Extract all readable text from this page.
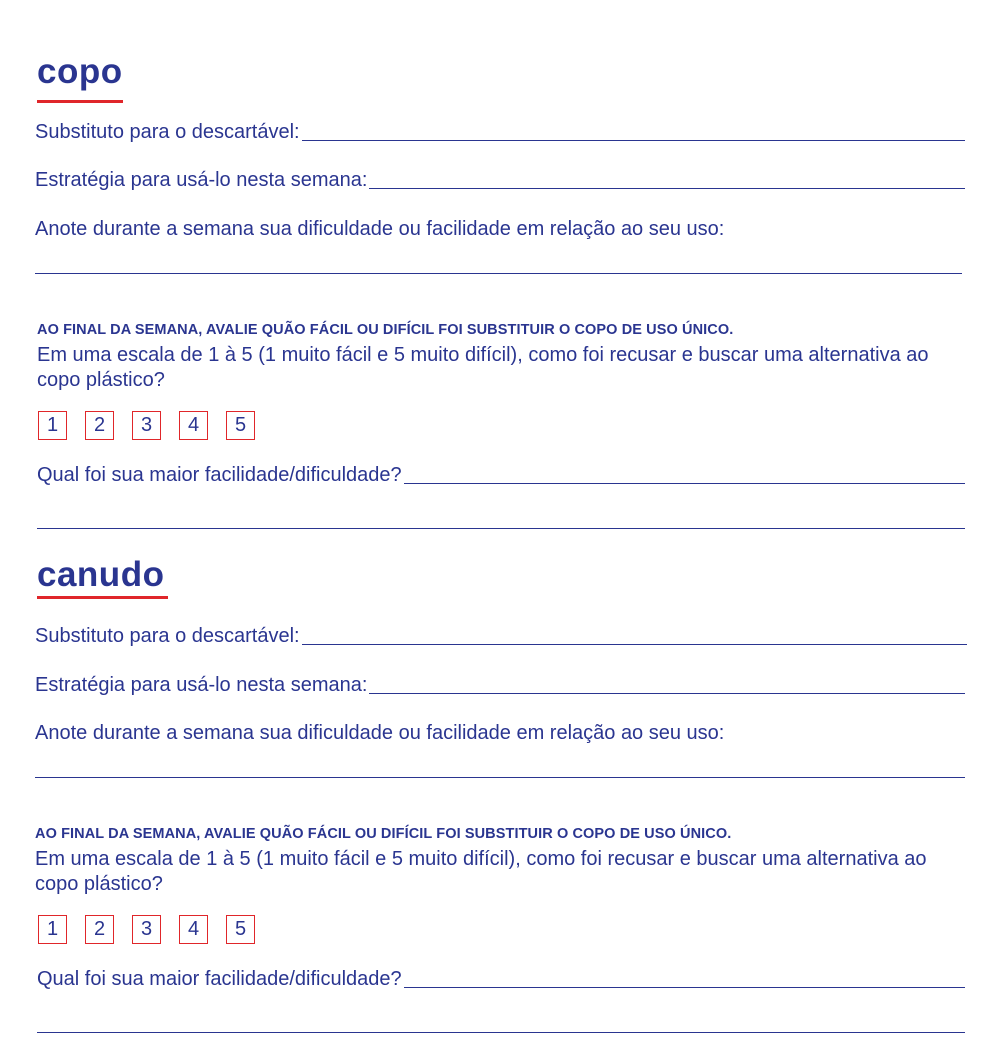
copo
Substituto para o descartável:
Estratégia para usá-lo nesta semana:
Anote durante a semana sua dificuldade ou facilidade em relação ao seu uso:
AO FINAL DA SEMANA, AVALIE QUÃO FÁCIL OU DIFÍCIL FOI SUBSTITUIR O COPO DE USO ÚNICO.
Em uma escala de 1 à 5 (1 muito fácil e 5 muito difícil), como foi recusar e buscar uma alternativa ao copo plástico?
1	2	3	4	5
Qual foi sua maior facilidade/dificuldade?
canudo
Substituto para o descartável:
Estratégia para usá-lo nesta semana:
Anote durante a semana sua dificuldade ou facilidade em relação ao seu uso:
AO FINAL DA SEMANA, AVALIE QUÃO FÁCIL OU DIFÍCIL FOI SUBSTITUIR O COPO DE USO ÚNICO.
Em uma escala de 1 à 5 (1 muito fácil e 5 muito difícil), como foi recusar e buscar uma alternativa ao copo plástico?
1	2	3	4	5
Qual foi sua maior facilidade/dificuldade?
